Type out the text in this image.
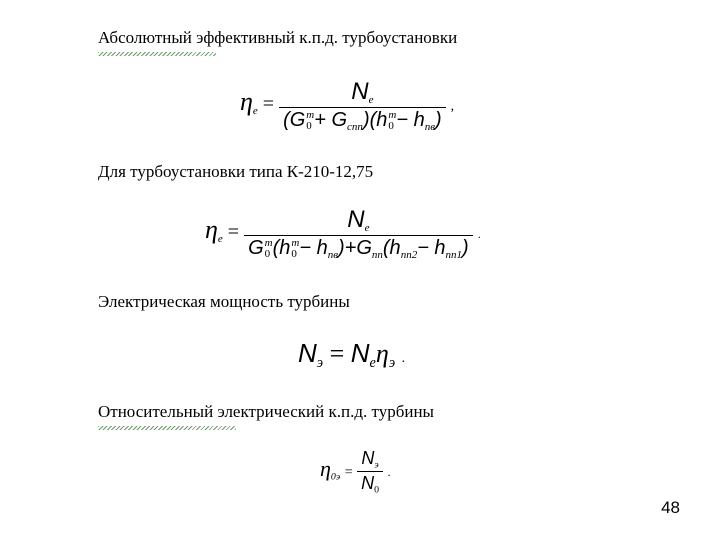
Абсолютный эффективный к.п.д. турбоустановки
$\eta_e = N_e$
(G m
$0 + G_{спп})(h$ m
$0 - h_{пв}$) ,
Для турбоустановки типа К-210-12,75
$\eta_e = N_e$
G m
0 (h m
$0 - h_{пв})+G_{пп}(h_{пп2}- h_{пп1})$ .
Электрическая мощность турбины
$N_э = N_e\eta_э$ .
Относительный электрический к.п.д. турбины
$\eta_{0э} = \frac{N_э}{N_0}$ .
48
